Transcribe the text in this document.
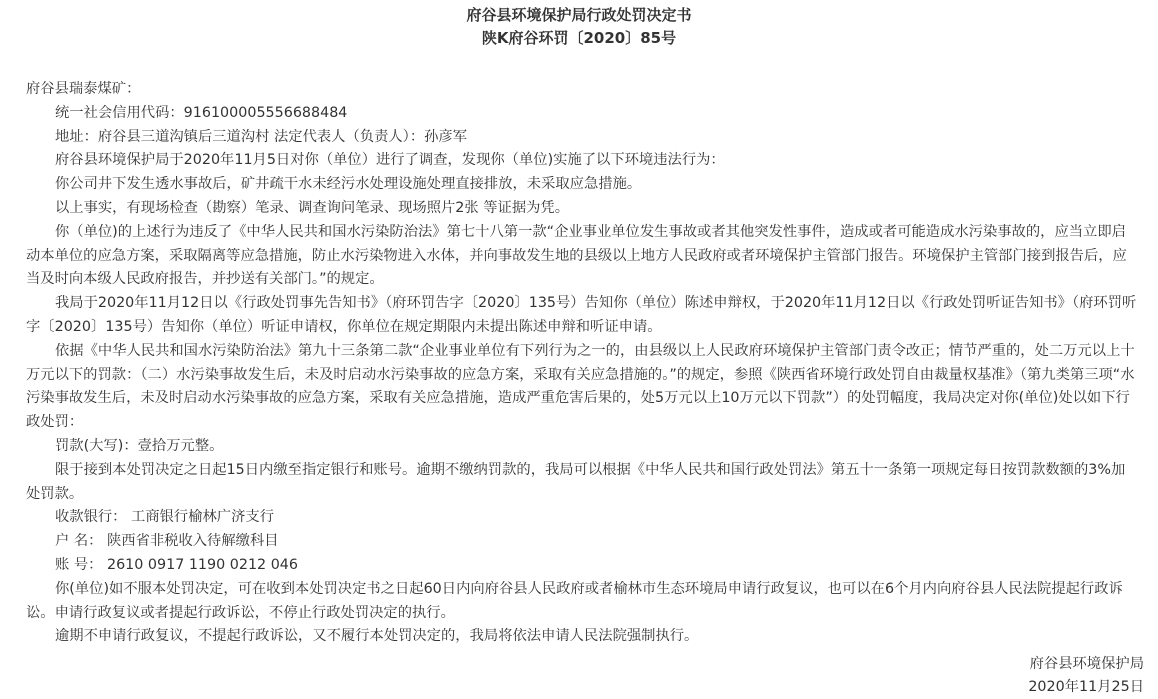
府谷县环境保护局行政处罚决定书
陕K府谷环罚〔2020〕85号

府谷县瑞泰煤矿：

统一社会信用代码：916100005556688484

地址：府谷县三道沟镇后三道沟村 法定代表人（负责人）：孙彦军

府谷县环境保护局于2020年11月5日对你（单位）进行了调查，发现你（单位)实施了以下环境违法行为：

你公司井下发生透水事故后，矿井疏干水未经污水处理设施处理直接排放，未采取应急措施。

以上事实，有现场检查（勘察）笔录、调查询问笔录、现场照片2张 等证据为凭。

你（单位)的上述行为违反了《中华人民共和国水污染防治法》第七十八第一款“企业事业单位发生事故或者其他突发性事件，造成或者可能造成水污染事故的，应当立即启动本单位的应急方案，采取隔离等应急措施，防止水污染物进入水体，并向事故发生地的县级以上地方人民政府或者环境保护主管部门报告。环境保护主管部门接到报告后，应当及时向本级人民政府报告，并抄送有关部门。”的规定。

我局于2020年11月12日以《行政处罚事先告知书》（府环罚告字〔2020〕135号）告知你（单位）陈述申辩权，于2020年11月12日以《行政处罚听证告知书》（府环罚听字〔2020〕135号）告知你（单位）听证申请权，你单位在规定期限内未提出陈述申辩和听证申请。

依据《中华人民共和国水污染防治法》第九十三条第二款“企业事业单位有下列行为之一的，由县级以上人民政府环境保护主管部门责令改正；情节严重的，处二万元以上十万元以下的罚款：（二）水污染事故发生后，未及时启动水污染事故的应急方案，采取有关应急措施的。”的规定，参照《陕西省环境行政处罚自由裁量权基准》（第九类第三项“水污染事故发生后，未及时启动水污染事故的应急方案，采取有关应急措施，造成严重危害后果的，处5万元以上10万元以下罚款”）的处罚幅度，我局决定对你(单位)处以如下行政处罚：

罚款(大写)：壹拾万元整。

限于接到本处罚决定之日起15日内缴至指定银行和账号。逾期不缴纳罚款的，我局可以根据《中华人民共和国行政处罚法》第五十一条第一项规定每日按罚款数额的3%加处罚款。

收款银行： 工商银行榆林广济支行

户 名： 陕西省非税收入待解缴科目

账 号： 2610 0917 1190 0212 046

你(单位)如不服本处罚决定，可在收到本处罚决定书之日起60日内向府谷县人民政府或者榆林市生态环境局申请行政复议，也可以在6个月内向府谷县人民法院提起行政诉讼。申请行政复议或者提起行政诉讼，不停止行政处罚决定的执行。

逾期不申请行政复议，不提起行政诉讼，又不履行本处罚决定的，我局将依法申请人民法院强制执行。

府谷县环境保护局
2020年11月25日
